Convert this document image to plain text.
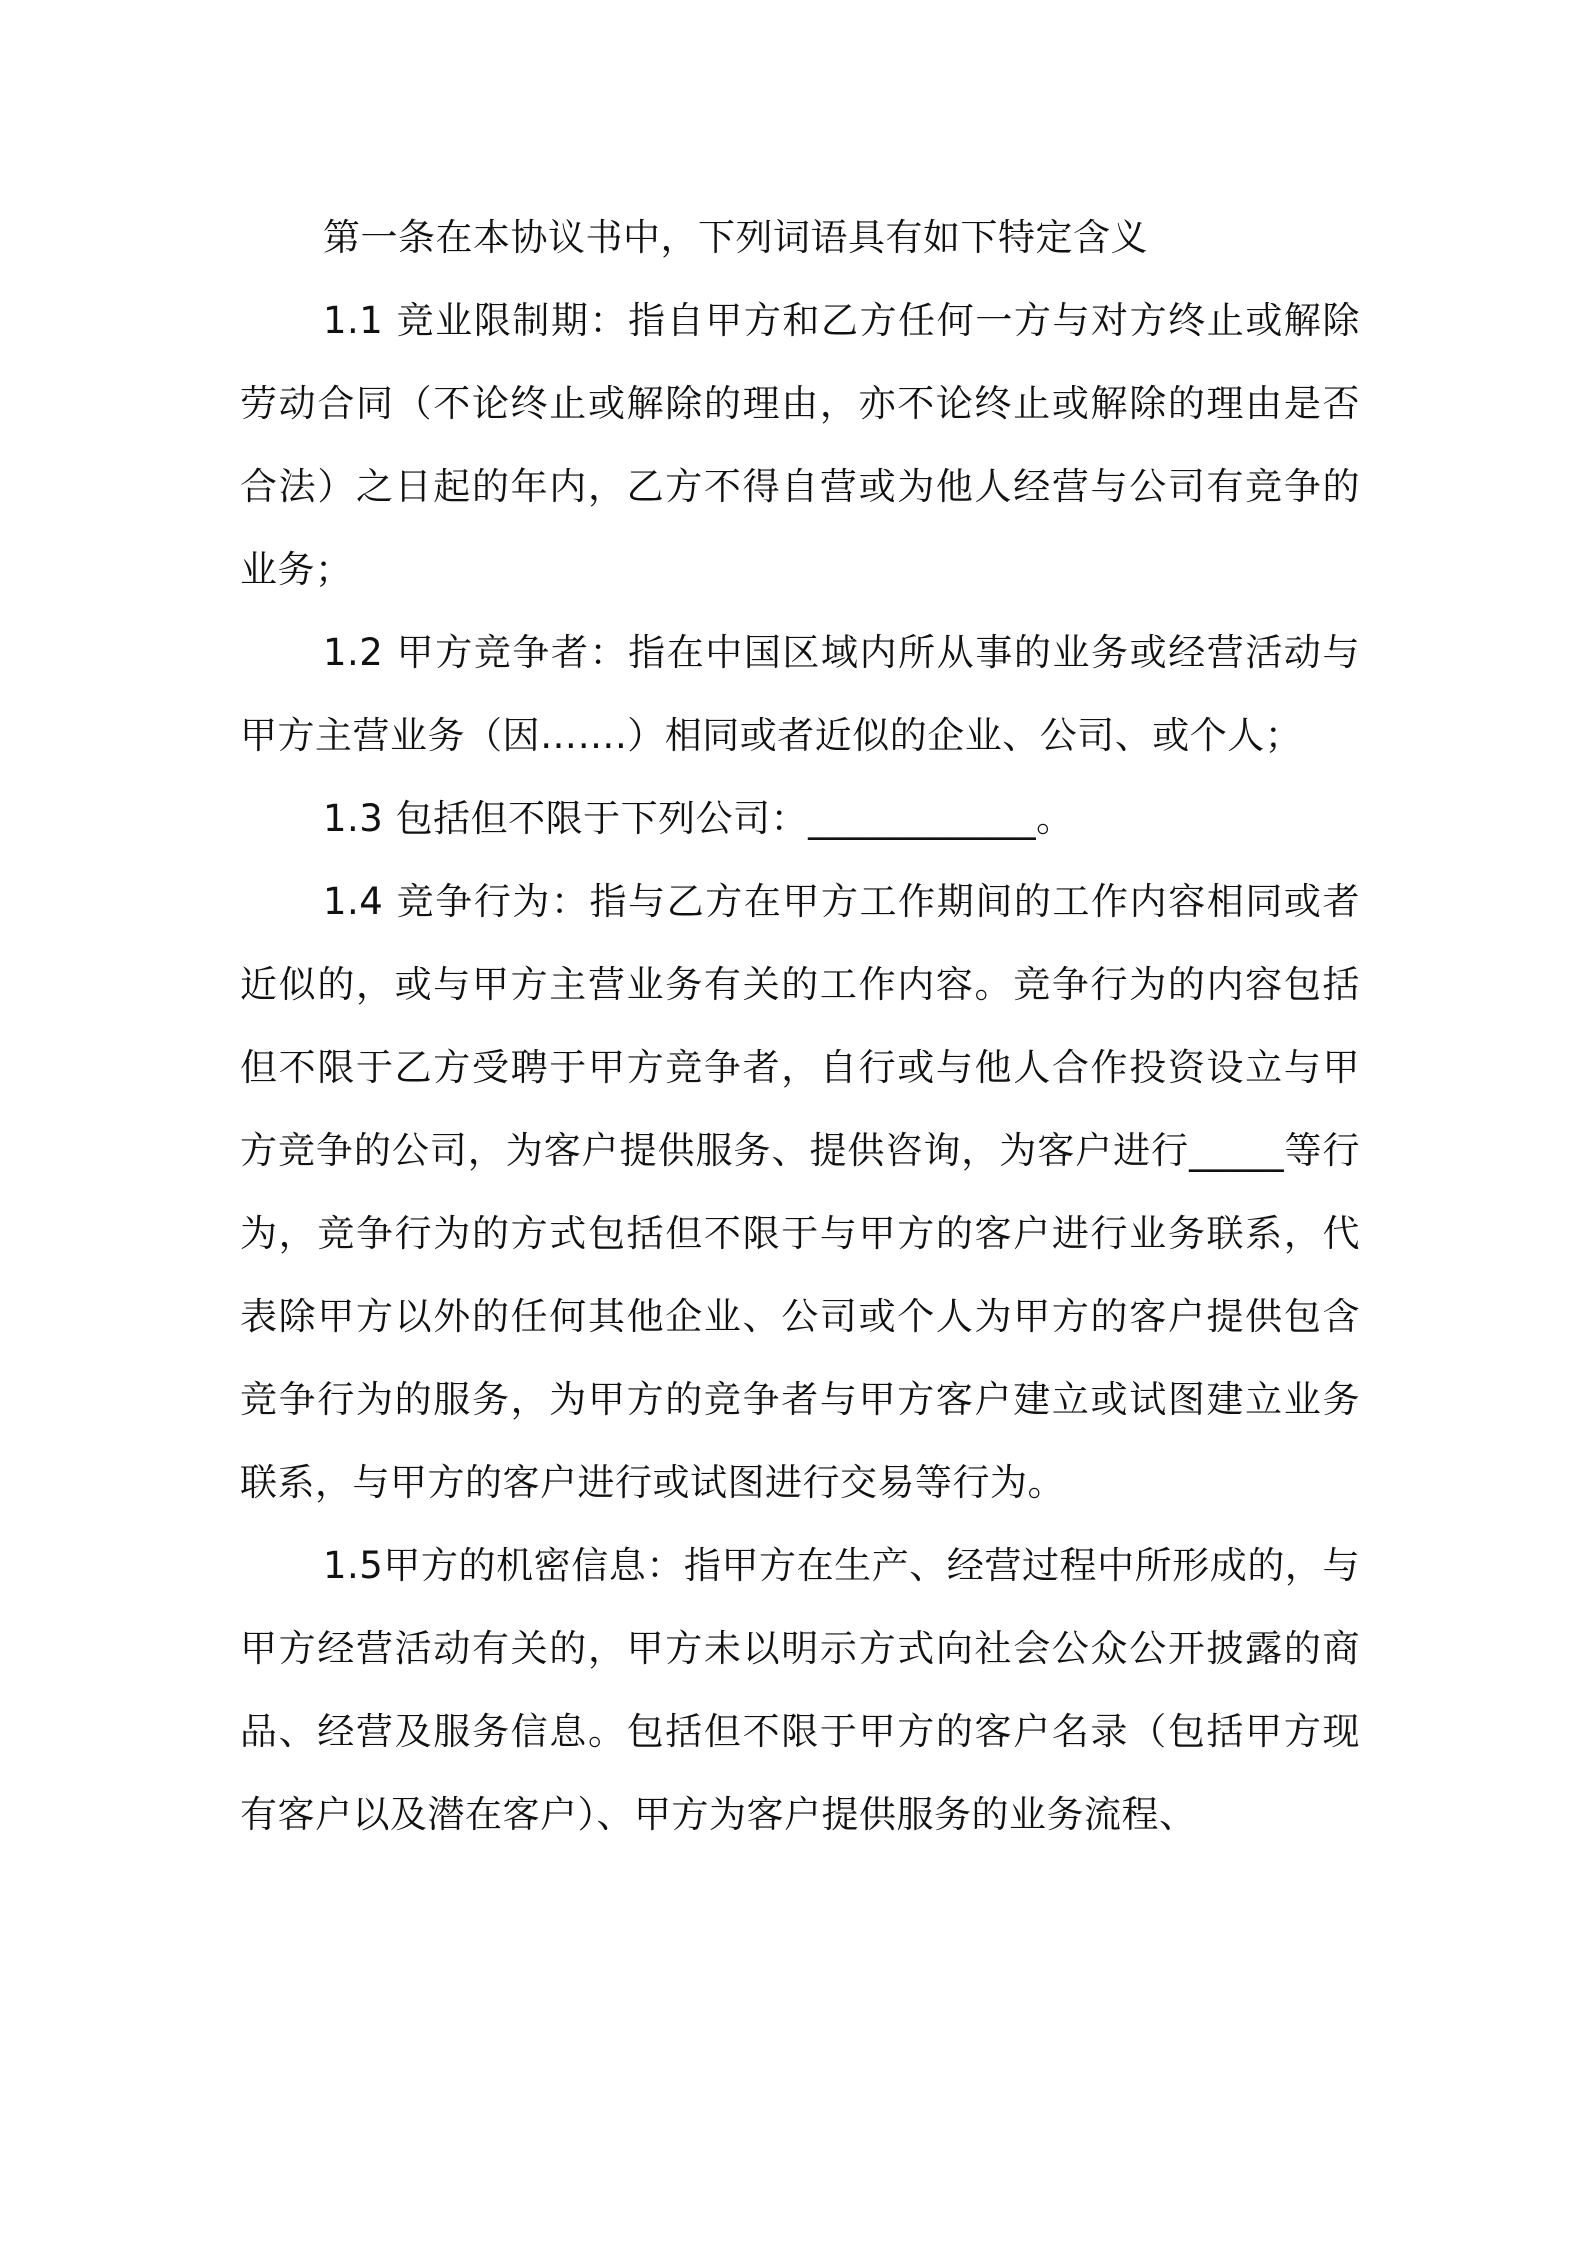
第一条在本协议书中，下列词语具有如下特定含义

1.1 竞业限制期：指自甲方和乙方任何一方与对方终止或解除劳动合同（不论终止或解除的理由，亦不论终止或解除的理由是否合法）之日起的年内，乙方不得自营或为他人经营与公司有竞争的业务；

1.2 甲方竞争者：指在中国区域内所从事的业务或经营活动与甲方主营业务（因…….）相同或者近似的企业、公司、或个人；

1.3 包括但不限于下列公司：____________。

1.4 竞争行为：指与乙方在甲方工作期间的工作内容相同或者近似的，或与甲方主营业务有关的工作内容。竞争行为的内容包括但不限于乙方受聘于甲方竞争者，自行或与他人合作投资设立与甲方竞争的公司，为客户提供服务、提供咨询，为客户进行_____等行为，竞争行为的方式包括但不限于与甲方的客户进行业务联系，代表除甲方以外的任何其他企业、公司或个人为甲方的客户提供包含竞争行为的服务，为甲方的竞争者与甲方客户建立或试图建立业务联系，与甲方的客户进行或试图进行交易等行为。

1.5甲方的机密信息：指甲方在生产、经营过程中所形成的，与甲方经营活动有关的，甲方未以明示方式向社会公众公开披露的商品、经营及服务信息。包括但不限于甲方的客户名录（包括甲方现有客户以及潜在客户）、甲方为客户提供服务的业务流程、
